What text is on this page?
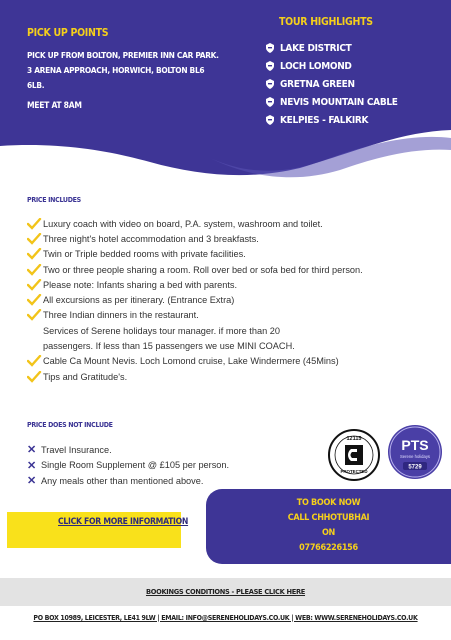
PICK UP POINTS
PICK UP FROM BOLTON, PREMIER INN CAR PARK. 3 ARENA APPROACH, HORWICH, BOLTON BL6 6LB.
MEET AT 8AM
TOUR HIGHLIGHTS
LAKE DISTRICT
LOCH LOMOND
GRETNA GREEN
NEVIS MOUNTAIN CABLE
KELPIES - FALKIRK
PRICE INCLUDES
Luxury coach with video on board, P.A. system, washroom and toilet.
Three night's hotel accommodation and 3 breakfasts.
Twin or Triple bedded rooms with private facilities.
Two or three people sharing a room. Roll over bed or sofa bed for third person.
Please note: Infants sharing a bed with parents.
All excursions as per itinerary. (Entrance Extra)
Three Indian dinners in the restaurant.
Services of Serene holidays tour manager. if more than 20
passengers. If less than 15 passengers we use MINI COACH.
Cable Ca Mount Nevis. Loch Lomond cruise, Lake Windermere (45Mins)
Tips and Gratitude's.
PRICE DOES NOT INCLUDE
✕ Travel Insurance.
✕ Single Room Supplement @ £105 per person.
✕ Any meals other than mentioned above.
12115
PROTECTED
PTS
Serene holidays
5729
CLICK FOR MORE INFORMATION
TO BOOK NOW
CALL CHHOTUBHAI
ON
07766226156
BOOKINGS CONDITIONS - PLEASE CLICK HERE
PO BOX 10989, LEICESTER, LE41 9LW | EMAIL: INFO@SERENEHOLIDAYS.CO.UK | WEB: WWW.SERENEHOLIDAYS.CO.UK
